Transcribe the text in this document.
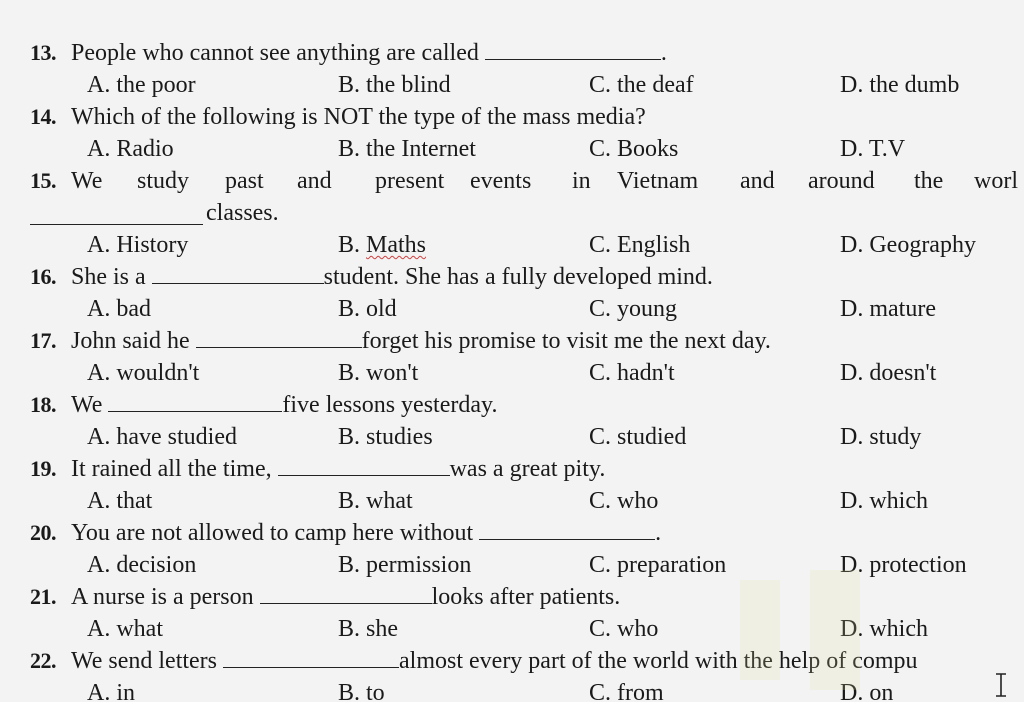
13. People who cannot see anything are called	.
A. the poor	B. the blind	C. the deaf	D. the dumb
14. Which of the following is NOT the type of the mass media?
A. Radio	B. the Internet	C. Books	D. T.V
15. We study past and present events in Vietnam and around the worl
classes.
A. History	B. Maths	C. English	D. Geography
16. She is a	student. She has a fully developed mind.
A. bad	B. old	C. young	D. mature
17. John said he	forget his promise to visit me the next day.
A. wouldn't	B. won't	C. hadn't	D. doesn't
18. We	five lessons yesterday.
A. have studied	B. studies	C. studied	D. study
19. It rained all the time,	was a great pity.
A. that	B. what	C. who	D. which
20. You are not allowed to camp here without	.
A. decision	B. permission	C. preparation	D. protection
21. A nurse is a person	looks after patients.
A. what	B. she	C. who	D. which
22. We send letters	almost every part of the world with the help of compu
A. in	B. to	C. from	D. on
